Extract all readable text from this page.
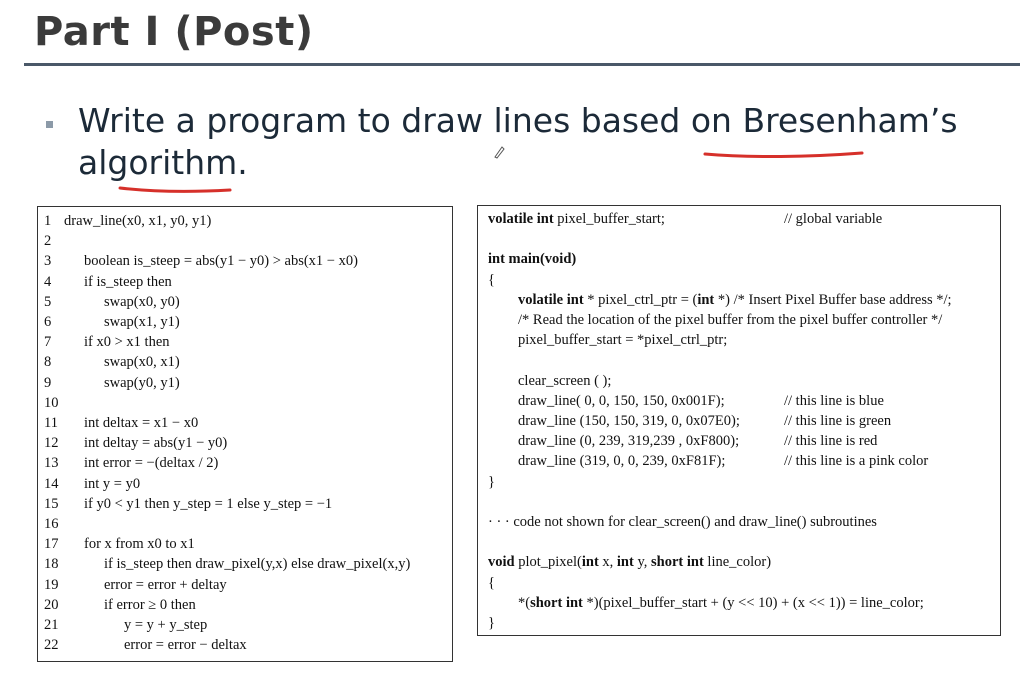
Part I (Post)
Write a program to draw lines based on Bresenham’s algorithm.
1 draw_line(x0, x1, y0, y1)
2
3	boolean is_steep = abs(y1 − y0) > abs(x1 − x0)
4	if is_steep then
5	swap(x0, y0)
6	swap(x1, y1)
7	if x0 > x1 then
8	swap(x0, x1)
9	swap(y0, y1)
10
11	int deltax = x1 − x0
12	int deltay = abs(y1 − y0)
13	int error = −(deltax / 2)
14	int y = y0
15	if y0 < y1 then y_step = 1 else y_step = −1
16
17	for x from x0 to x1
18	if is_steep then draw_pixel(y,x) else draw_pixel(x,y)
19	error = error + deltay
20	if error ≥ 0 then
21	y = y + y_step
22	error = error − deltax
volatile int pixel_buffer_start;	// global variable
int main(void)
{
volatile int * pixel_ctrl_ptr = (int *) /* Insert Pixel Buffer base address */;
/* Read the location of the pixel buffer from the pixel buffer controller */
pixel_buffer_start = *pixel_ctrl_ptr;
clear_screen ( );
draw_line( 0, 0, 150, 150, 0x001F);	// this line is blue
draw_line (150, 150, 319, 0, 0x07E0);	// this line is green
draw_line (0, 239, 319,239 , 0xF800);	// this line is red
draw_line (319, 0, 0, 239, 0xF81F);	// this line is a pink color
}
· · · code not shown for clear_screen() and draw_line() subroutines
void plot_pixel(int x, int y, short int line_color)
{
*(short int *)(pixel_buffer_start + (y << 10) + (x << 1)) = line_color;
}
